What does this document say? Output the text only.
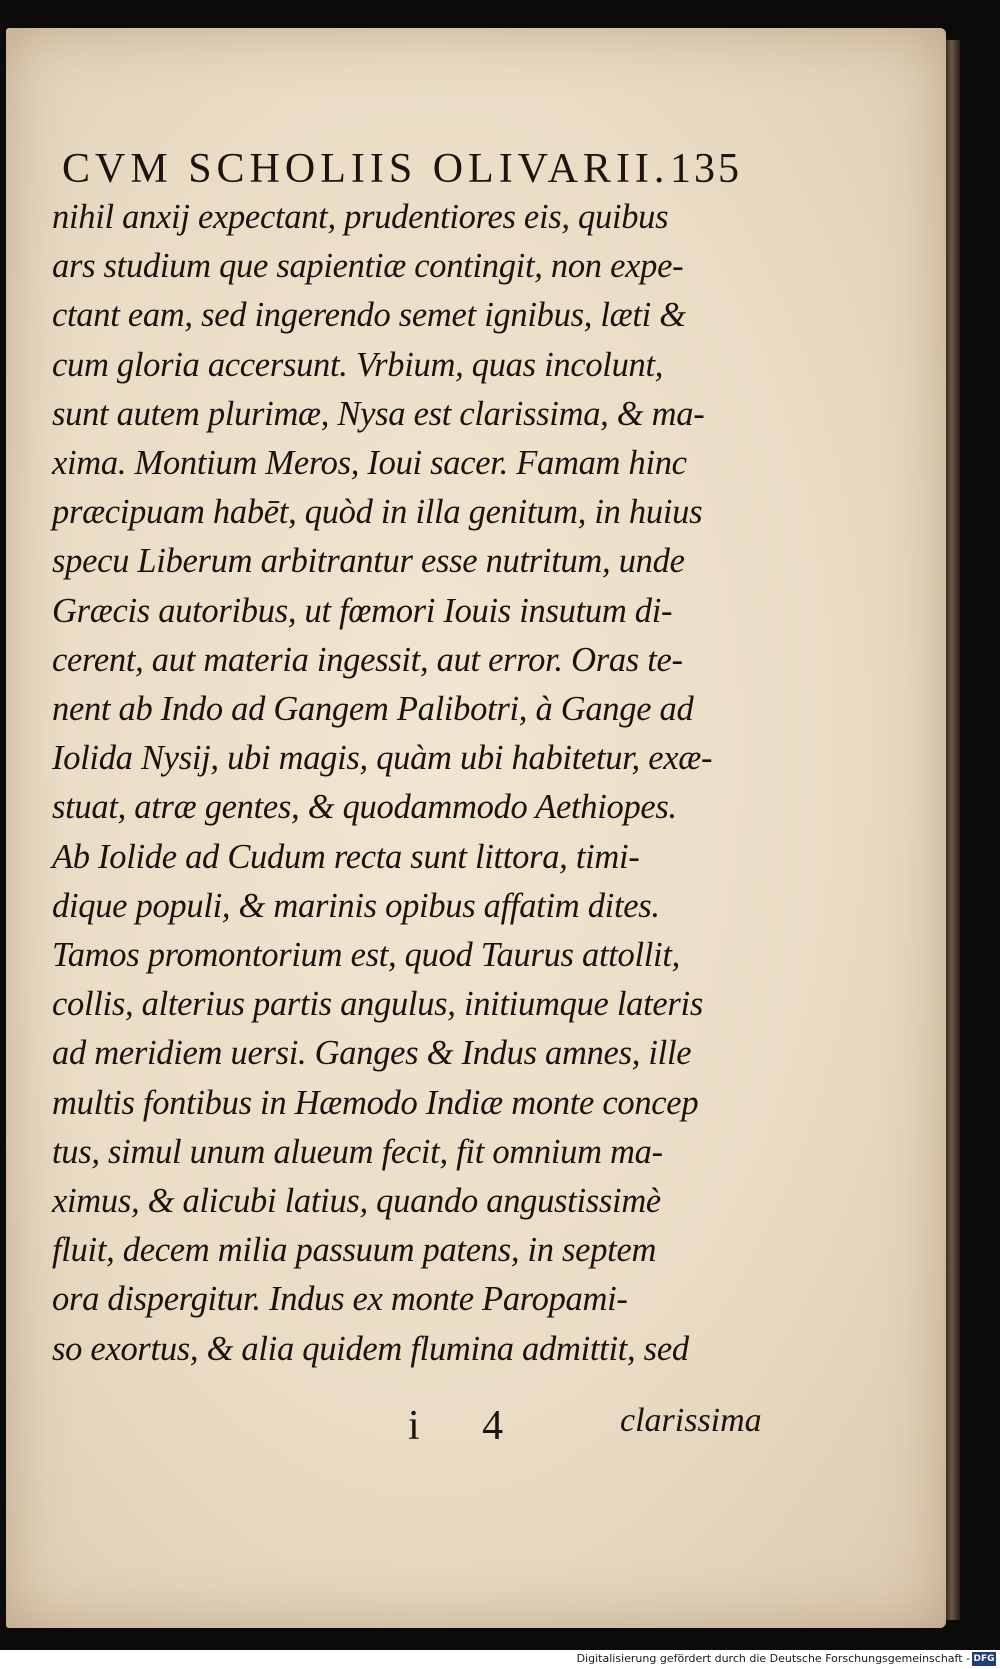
CVM SCHOLIIS OLIVARII. 135
nihil anxij expectant, prudentiores eis, quibus
ars studium que sapientiæ contingit, non expe-
ctant eam, sed ingerendo semet ignibus, læti &
cum gloria accersunt. Vrbium, quas incolunt,
sunt autem plurimæ, Nysa est clarissima, & ma-
xima. Montium Meros, Ioui sacer. Famam hinc
præcipuam habēt, quòd in illa genitum, in huius
specu Liberum arbitrantur esse nutritum, unde
Græcis autoribus, ut fœmori Iouis insutum di-
cerent, aut materia ingessit, aut error. Oras te-
nent ab Indo ad Gangem Palibotri, à Gange ad
Iolida Nysij, ubi magis, quàm ubi habitetur, exæ-
stuat, atræ gentes, & quodammodo Aethiopes.
Ab Iolide ad Cudum recta sunt littora, timi-
dique populi, & marinis opibus affatim dites.
Tamos promontorium est, quod Taurus attollit,
collis, alterius partis angulus, initiumque lateris
ad meridiem uersi. Ganges & Indus amnes, ille
multis fontibus in Hæmodo Indiæ monte concep
tus, simul unum alueum fecit, fit omnium ma-
ximus, & alicubi latius, quando angustissimè
fluit, decem milia passuum patens, in septem
ora dispergitur. Indus ex monte Paropami-
so exortus, & alia quidem flumina admittit, sed
i 4	clarissima
Digitalisierung gefördert durch die Deutsche Forschungsgemeinschaft - DFG
